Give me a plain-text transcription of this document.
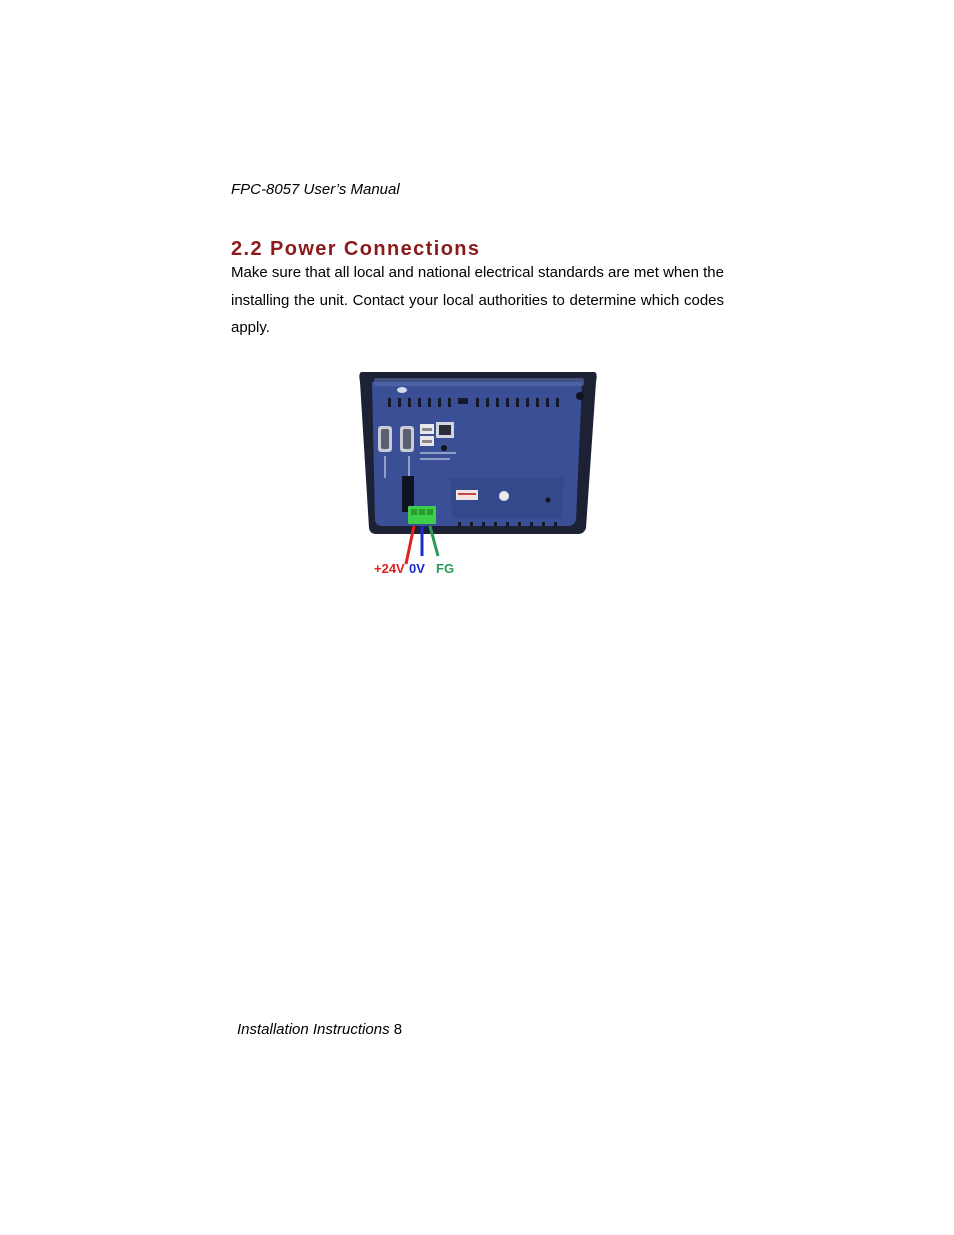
FPC-8057 User’s Manual
2.2 Power Connections

Make sure that all local and national electrical standards are met when the installing the unit. Contact your local authorities to determine which codes apply.

+24V 0V FG
Installation Instructions 8
